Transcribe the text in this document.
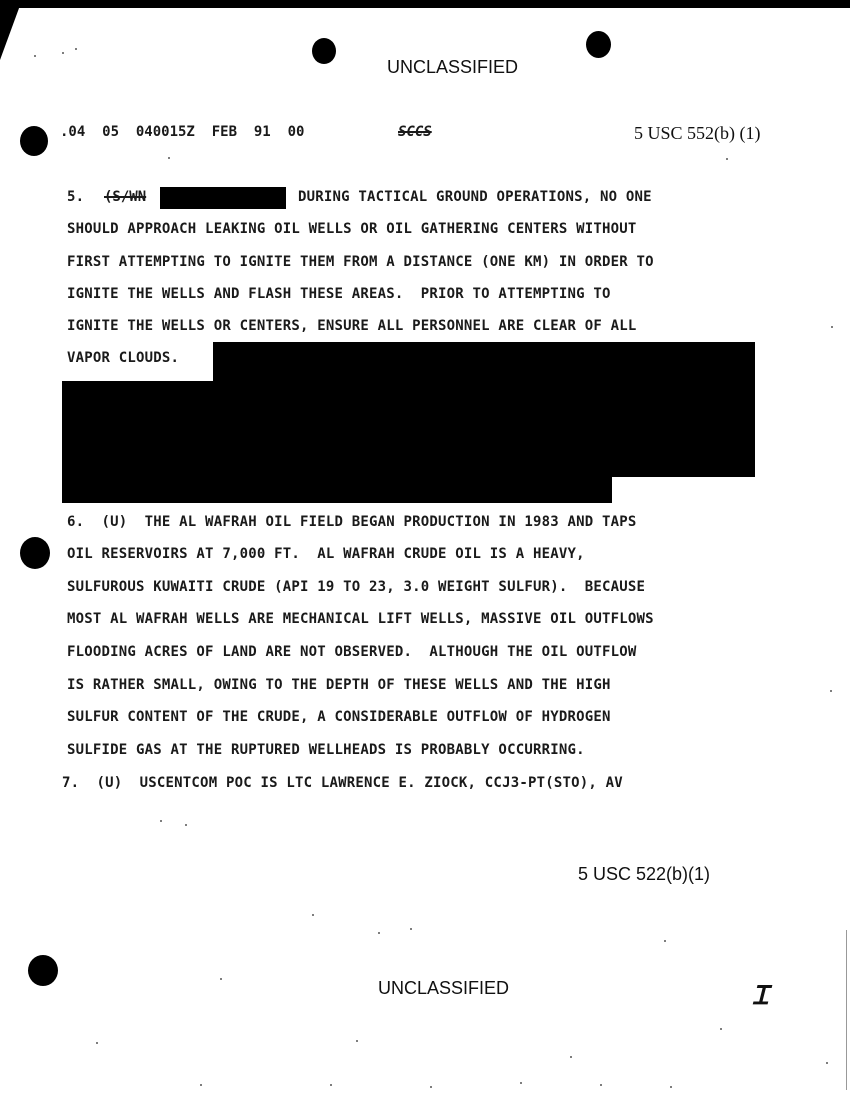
UNCLASSIFIED
.04  05  040015Z  FEB  91  00	SCCS	5 USC 552(b) (1)
5. (S/WN	DURING TACTICAL GROUND OPERATIONS, NO ONE
SHOULD APPROACH LEAKING OIL WELLS OR OIL GATHERING CENTERS WITHOUT
FIRST ATTEMPTING TO IGNITE THEM FROM A DISTANCE (ONE KM) IN ORDER TO
IGNITE THE WELLS AND FLASH THESE AREAS.  PRIOR TO ATTEMPTING TO
IGNITE THE WELLS OR CENTERS, ENSURE ALL PERSONNEL ARE CLEAR OF ALL
VAPOR CLOUDS.
6.  (U)  THE AL WAFRAH OIL FIELD BEGAN PRODUCTION IN 1983 AND TAPS
OIL RESERVOIRS AT 7,000 FT.  AL WAFRAH CRUDE OIL IS A HEAVY,
SULFUROUS KUWAITI CRUDE (API 19 TO 23, 3.0 WEIGHT SULFUR).  BECAUSE
MOST AL WAFRAH WELLS ARE MECHANICAL LIFT WELLS, MASSIVE OIL OUTFLOWS
FLOODING ACRES OF LAND ARE NOT OBSERVED.  ALTHOUGH THE OIL OUTFLOW
IS RATHER SMALL, OWING TO THE DEPTH OF THESE WELLS AND THE HIGH
SULFUR CONTENT OF THE CRUDE, A CONSIDERABLE OUTFLOW OF HYDROGEN
SULFIDE GAS AT THE RUPTURED WELLHEADS IS PROBABLY OCCURRING.
7.  (U)  USCENTCOM POC IS LTC LAWRENCE E. ZIOCK, CCJ3-PT(STO), AV
5 USC 522(b)(1)
UNCLASSIFIED	Ɪ
